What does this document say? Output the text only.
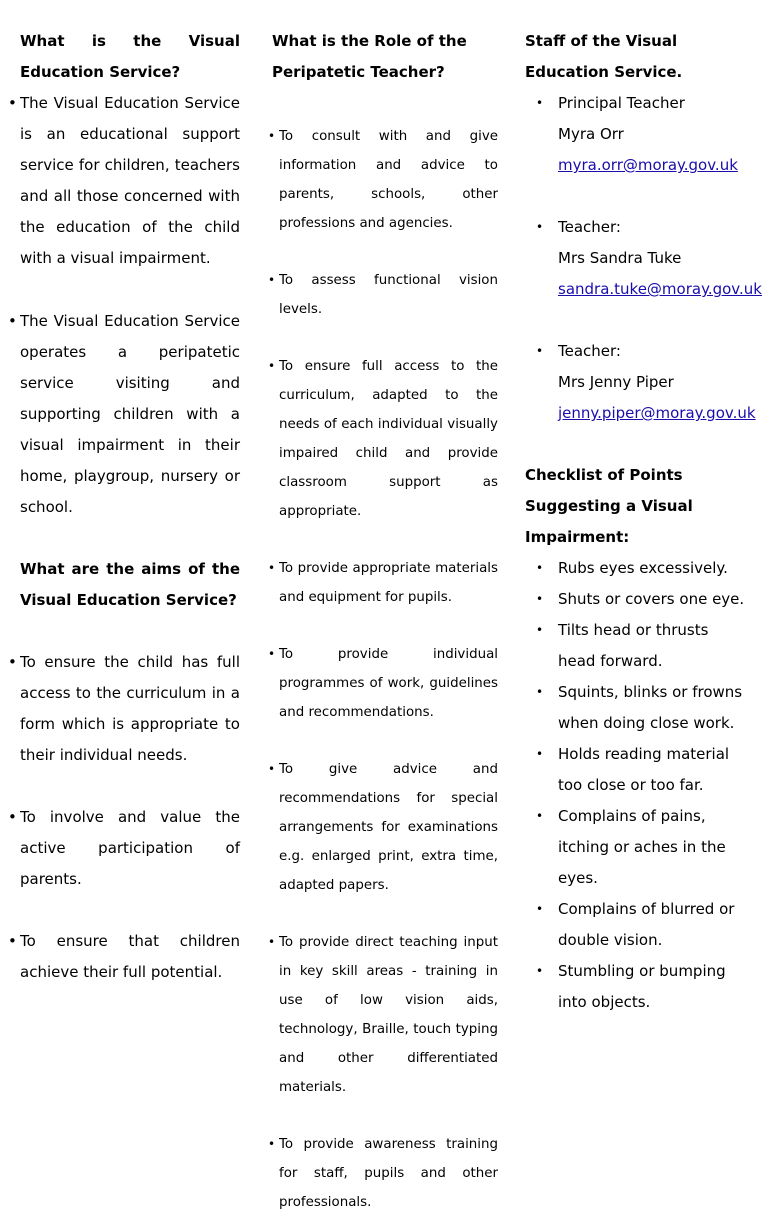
What is the Visual Education Service?

• The Visual Education Service is an educational support service for children, teachers and all those concerned with the education of the child with a visual impairment.

• The Visual Education Service operates a peripatetic service visiting and supporting children with a visual impairment in their home, playgroup, nursery or school.

What are the aims of the Visual Education Service?

• To ensure the child has full access to the curriculum in a form which is appropriate to their individual needs.

• To involve and value the active participation of parents.

• To ensure that children achieve their full potential.

What is the Role of the Peripatetic Teacher?

• To consult with and give information and advice to parents, schools, other professions and agencies.

• To assess functional vision levels.

• To ensure full access to the curriculum, adapted to the needs of each individual visually impaired child and provide classroom support as appropriate.

• To provide appropriate materials and equipment for pupils.

• To provide individual programmes of work, guidelines and recommendations.

• To give advice and recommendations for special arrangements for examinations e.g. enlarged print, extra time, adapted papers.

• To provide direct teaching input in key skill areas - training in use of low vision aids, technology, Braille, touch typing and other differentiated materials.

• To provide awareness training for staff, pupils and other professionals.

Staff of the Visual Education Service.

• Principal Teacher
Myra Orr
myra.orr@moray.gov.uk
• Teacher:
Mrs Sandra Tuke
sandra.tuke@moray.gov.uk
• Teacher:
Mrs Jenny Piper
jenny.piper@moray.gov.uk

Checklist of Points Suggesting a Visual Impairment:

• Rubs eyes excessively.
• Shuts or covers one eye.
• Tilts head or thrusts head forward.
• Squints, blinks or frowns when doing close work.
• Holds reading material too close or too far.
• Complains of pains, itching or aches in the eyes.
• Complains of blurred or double vision.
• Stumbling or bumping into objects.
